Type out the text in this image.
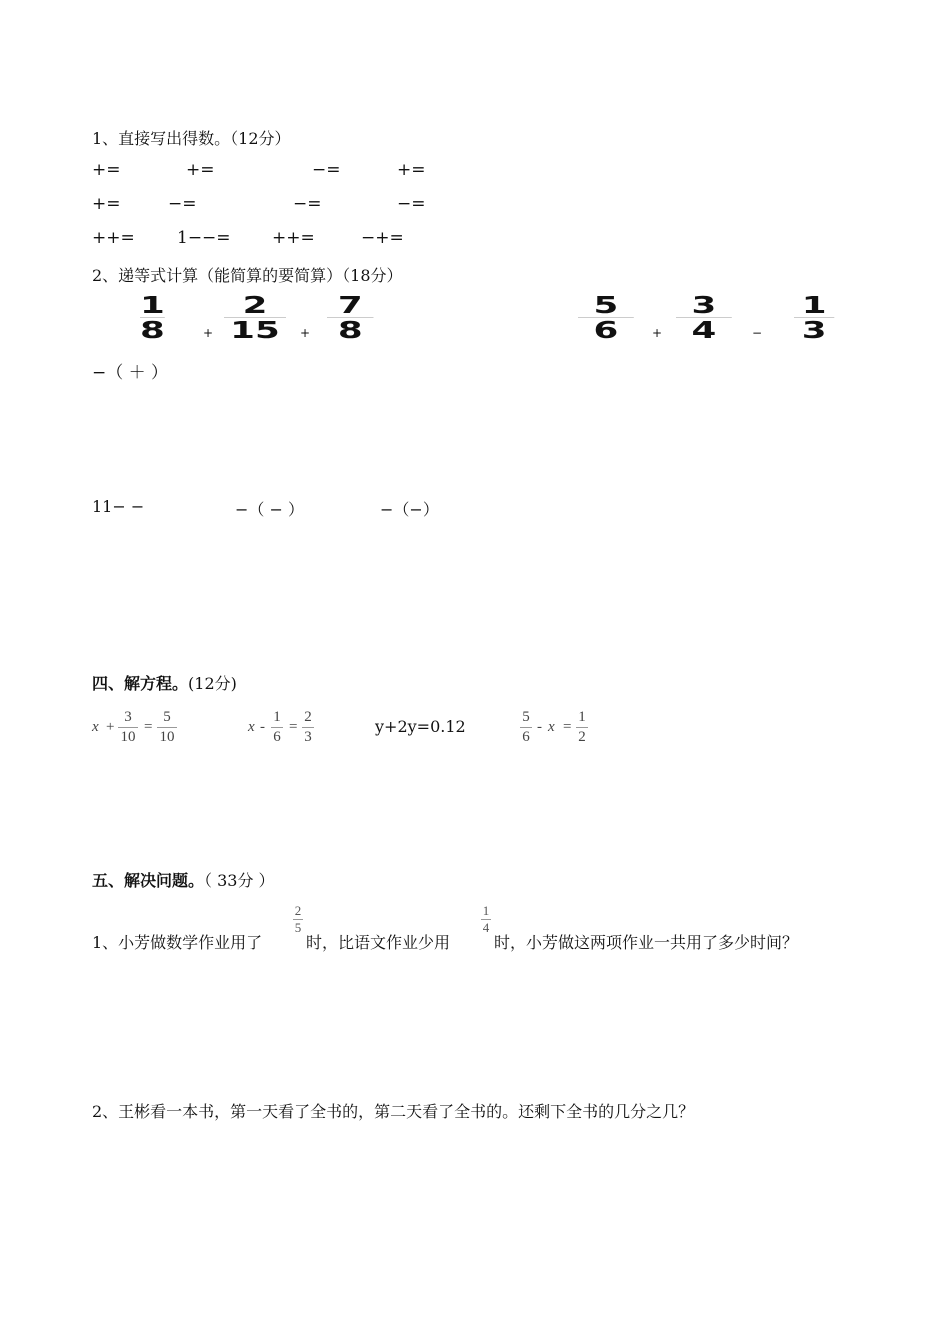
1、直接写出得数。（12分）
+=	+=	−=	+=
+=	−=	−=	−=
++= 1−−= ++=	−+=
2、递等式计算（能简算的要简算）（18分）
1
8	+
2
15	+
7
8
5
6	+
3
4	−
1
3
−（ ＋ ）
11− −	−（ − ）	−（−）
四、解方程。(12分)
x +
3
10
=
5
10
x -
1
6
=
2
3
y+2y=0.12	5
6
- x =
1
2
五、解决问题。（ 33分 ）
1、小芳做数学作业用了
2
5
时，比语文作业少用
1
4
时，小芳做这两项作业一共用了多少时间？
2、王彬看一本书，第一天看了全书的，第二天看了全书的。还剩下全书的几分之几？
